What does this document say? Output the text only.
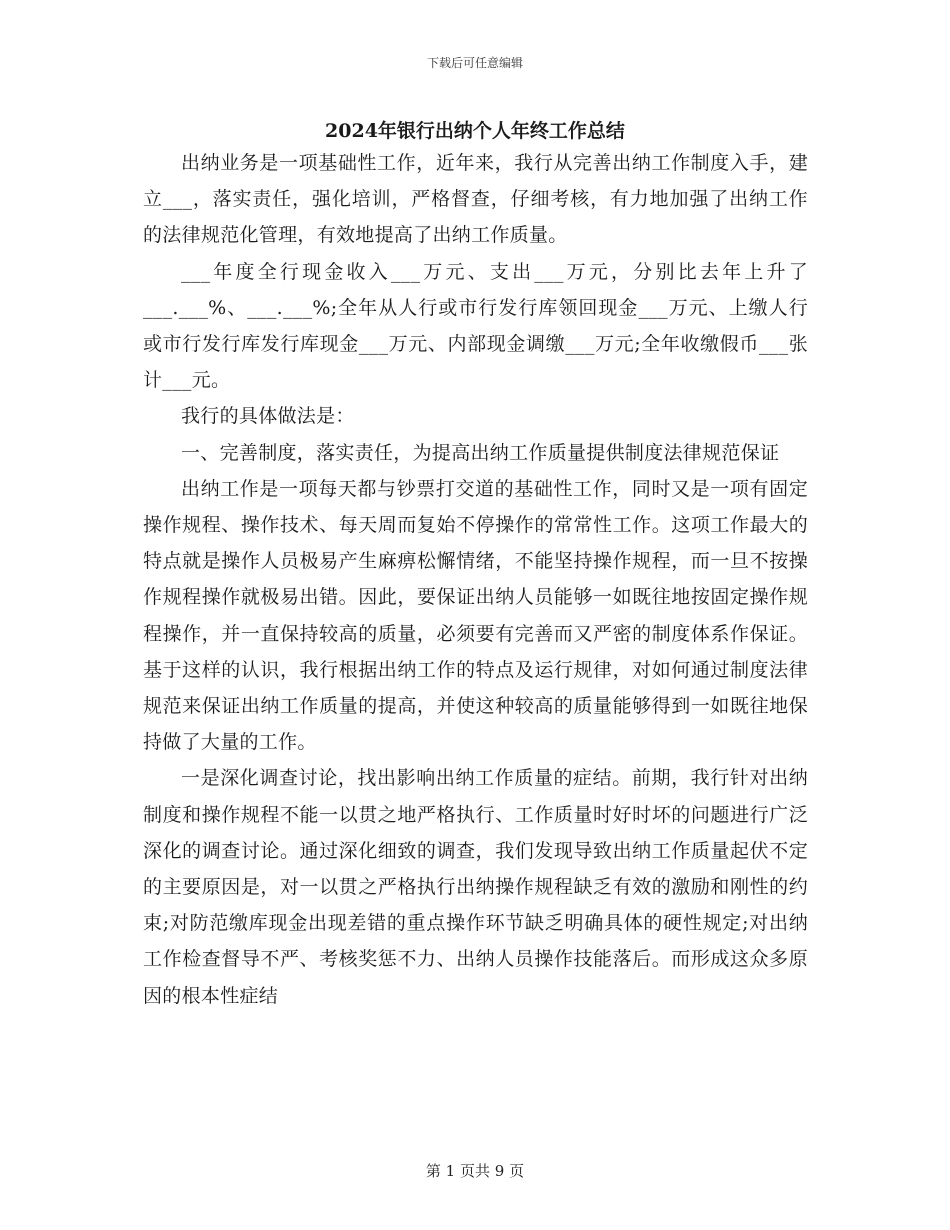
下载后可任意编辑
2024年银行出纳个人年终工作总结

出纳业务是一项基础性工作，近年来，我行从完善出纳工作制度入手，建立___，落实责任，强化培训，严格督查，仔细考核，有力地加强了出纳工作的法律规范化管理，有效地提高了出纳工作质量。

___年度全行现金收入___万元、支出___万元，分别比去年上升了___.___%、___.___%;全年从人行或市行发行库领回现金___万元、上缴人行或市行发行库发行库现金___万元、内部现金调缴___万元;全年收缴假币___张计___元。

我行的具体做法是：

一、完善制度，落实责任，为提高出纳工作质量提供制度法律规范保证

出纳工作是一项每天都与钞票打交道的基础性工作，同时又是一项有固定操作规程、操作技术、每天周而复始不停操作的常常性工作。这项工作最大的特点就是操作人员极易产生麻痹松懈情绪，不能坚持操作规程，而一旦不按操作规程操作就极易出错。因此，要保证出纳人员能够一如既往地按固定操作规程操作，并一直保持较高的质量，必须要有完善而又严密的制度体系作保证。基于这样的认识，我行根据出纳工作的特点及运行规律，对如何通过制度法律规范来保证出纳工作质量的提高，并使这种较高的质量能够得到一如既往地保持做了大量的工作。

一是深化调查讨论，找出影响出纳工作质量的症结。前期，我行针对出纳制度和操作规程不能一以贯之地严格执行、工作质量时好时坏的问题进行广泛深化的调查讨论。通过深化细致的调查，我们发现导致出纳工作质量起伏不定的主要原因是，对一以贯之严格执行出纳操作规程缺乏有效的激励和刚性的约束;对防范缴库现金出现差错的重点操作环节缺乏明确具体的硬性规定;对出纳工作检查督导不严、考核奖惩不力、出纳人员操作技能落后。而形成这众多原因的根本性症结

第 1 页共 9 页
